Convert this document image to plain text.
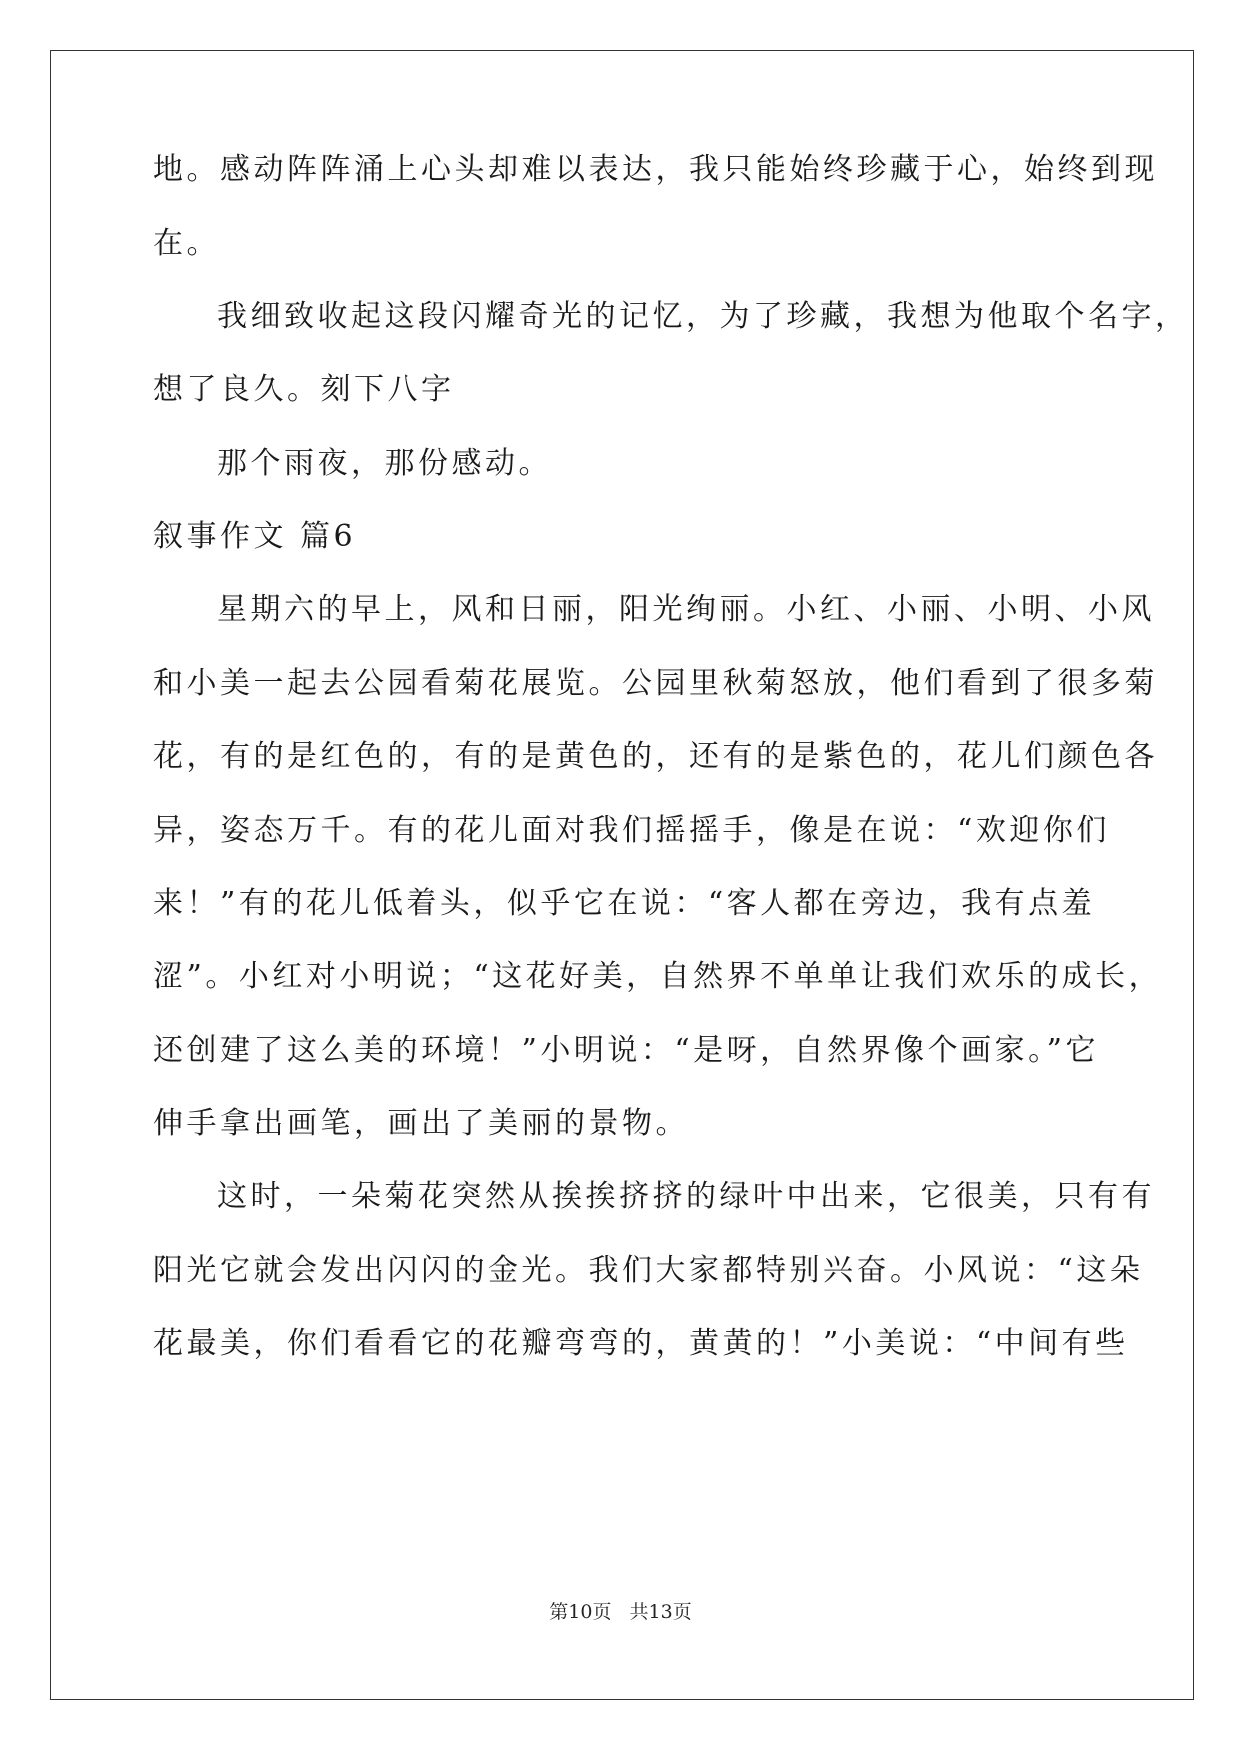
地。感动阵阵涌上心头却难以表达，我只能始终珍藏于心，始终到现
在。
我细致收起这段闪耀奇光的记忆，为了珍藏，我想为他取个名字，
想了良久。刻下八字
那个雨夜，那份感动。
叙事作文 篇6
星期六的早上，风和日丽，阳光绚丽。小红、小丽、小明、小风
和小美一起去公园看菊花展览。公园里秋菊怒放，他们看到了很多菊
花，有的是红色的，有的是黄色的，还有的是紫色的，花儿们颜色各
异，姿态万千。有的花儿面对我们摇摇手，像是在说：“欢迎你们
来！”有的花儿低着头，似乎它在说：“客人都在旁边，我有点羞
涩”。小红对小明说；“这花好美，自然界不单单让我们欢乐的成长，
还创建了这么美的环境！”小明说：“是呀，自然界像个画家。”它
伸手拿出画笔，画出了美丽的景物。
这时，一朵菊花突然从挨挨挤挤的绿叶中出来，它很美，只有有
阳光它就会发出闪闪的金光。我们大家都特别兴奋。小风说：“这朵
花最美，你们看看它的花瓣弯弯的，黄黄的！”小美说：“中间有些
第10页 共13页
